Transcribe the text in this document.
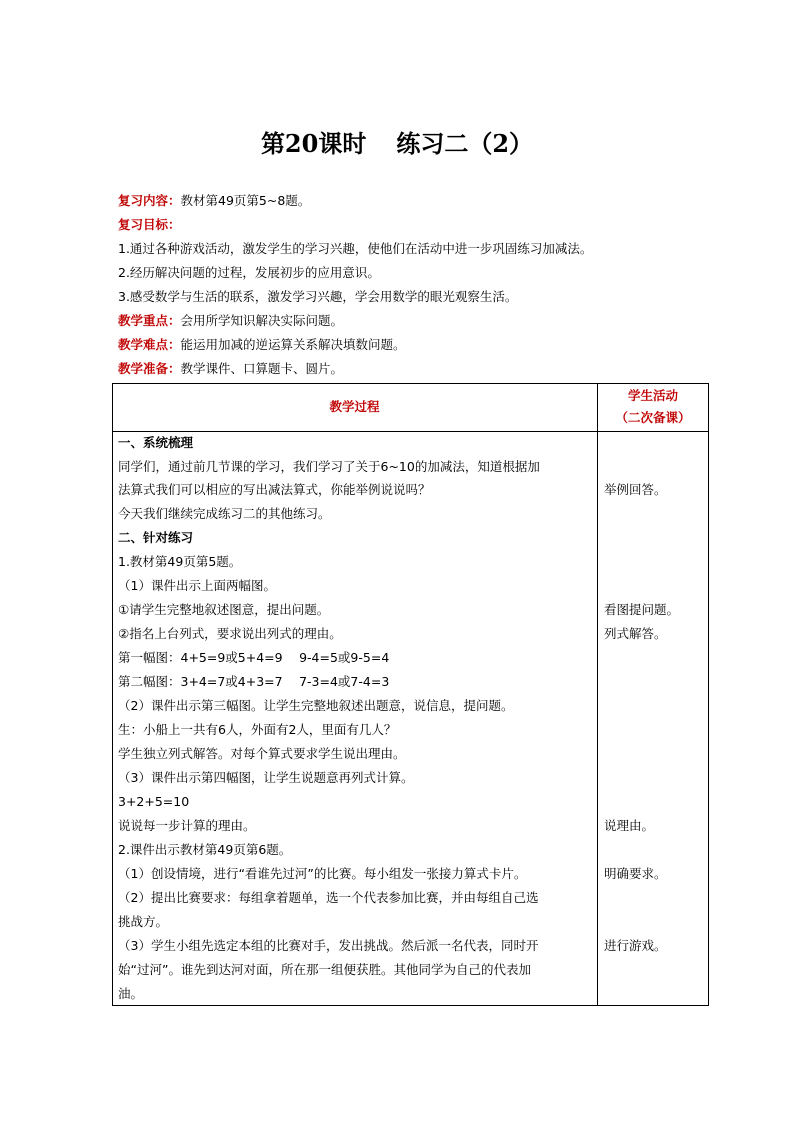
第20课时 练习二（2）
复习内容：教材第49页第5~8题。
复习目标：
1.通过各种游戏活动，激发学生的学习兴趣，使他们在活动中进一步巩固练习加减法。
2.经历解决问题的过程，发展初步的应用意识。
3.感受数学与生活的联系，激发学习兴趣，学会用数学的眼光观察生活。
教学重点：会用所学知识解决实际问题。
教学难点：能运用加减的逆运算关系解决填数问题。
教学准备：教学课件、口算题卡、圆片。
教学过程
学生活动
（二次备课）
一、系统梳理
同学们，通过前几节课的学习，我们学习了关于6~10的加减法，知道根据加
法算式我们可以相应的写出减法算式，你能举例说说吗？
今天我们继续完成练习二的其他练习。
二、针对练习
1.教材第49页第5题。
（1）课件出示上面两幅图。
①请学生完整地叙述图意，提出问题。
②指名上台列式，要求说出列式的理由。
第一幅图：4+5=9或5+4=9　 9-4=5或9-5=4
第二幅图：3+4=7或4+3=7　 7-3=4或7-4=3
（2）课件出示第三幅图。让学生完整地叙述出题意，说信息，提问题。
生：小船上一共有6人，外面有2人，里面有几人？
学生独立列式解答。对每个算式要求学生说出理由。
（3）课件出示第四幅图，让学生说题意再列式计算。
3+2+5=10
说说每一步计算的理由。
2.课件出示教材第49页第6题。
（1）创设情境，进行“看谁先过河”的比赛。每小组发一张接力算式卡片。
（2）提出比赛要求：每组拿着题单，选一个代表参加比赛，并由每组自己选
挑战方。
（3）学生小组先选定本组的比赛对手，发出挑战。然后派一名代表，同时开
始“过河”。谁先到达河对面，所在那一组便获胜。其他同学为自己的代表加
油。
举例回答。
看图提问题。
列式解答。
说理由。
明确要求。
进行游戏。
